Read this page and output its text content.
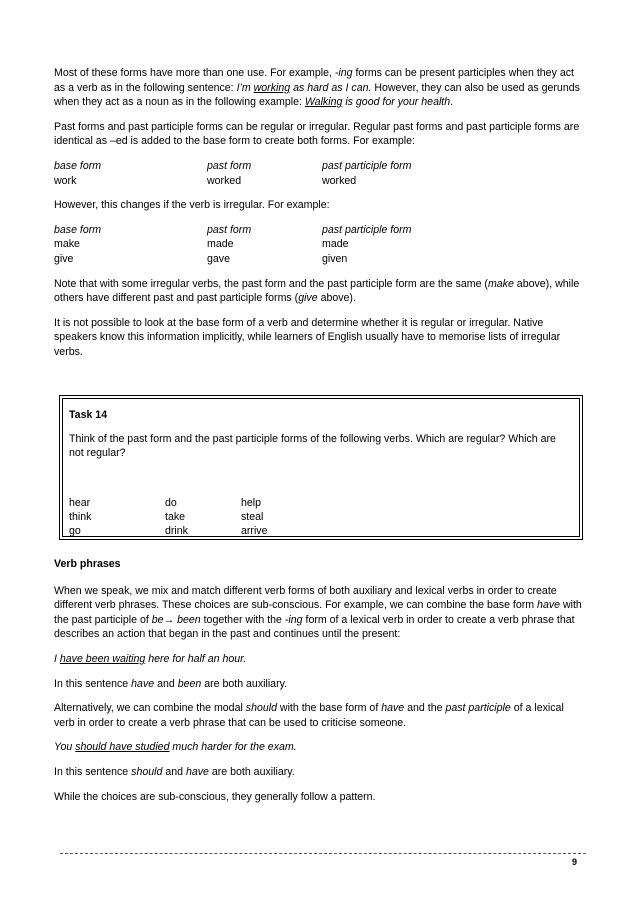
Most of these forms have more than one use. For example, -ing forms can be present participles when they act as a verb as in the following sentence: I’m working as hard as I can. However, they can also be used as gerunds when they act as a noun as in the following example: Walking is good for your health.

Past forms and past participle forms can be regular or irregular. Regular past forms and past participle forms are identical as –ed is added to the base form to create both forms. For example:

base form	past form	past participle form
work	worked	worked

However, this changes if the verb is irregular. For example:

base form	past form	past participle form
make	made	made
give	gave	given

Note that with some irregular verbs, the past form and the past participle form are the same (make above), while others have different past and past participle forms (give above).

It is not possible to look at the base form of a verb and determine whether it is regular or irregular. Native speakers know this information implicitly, while learners of English usually have to memorise lists of irregular verbs.

Task 14
Think of the past form and the past participle forms of the following verbs. Which are regular? Which are not regular?
hear	do	help
think	take	steal
go	drink	arrive
Verb phrases

When we speak, we mix and match different verb forms of both auxiliary and lexical verbs in order to create different verb phrases. These choices are sub-conscious. For example, we can combine the base form have with the past participle of be→ been together with the -ing form of a lexical verb in order to create a verb phrase that describes an action that began in the past and continues until the present:

I have been waiting here for half an hour.

In this sentence have and been are both auxiliary.

Alternatively, we can combine the modal should with the base form of have and the past participle of a lexical verb in order to create a verb phrase that can be used to criticise someone.

You should have studied much harder for the exam.

In this sentence should and have are both auxiliary.

While the choices are sub-conscious, they generally follow a pattern.

9
